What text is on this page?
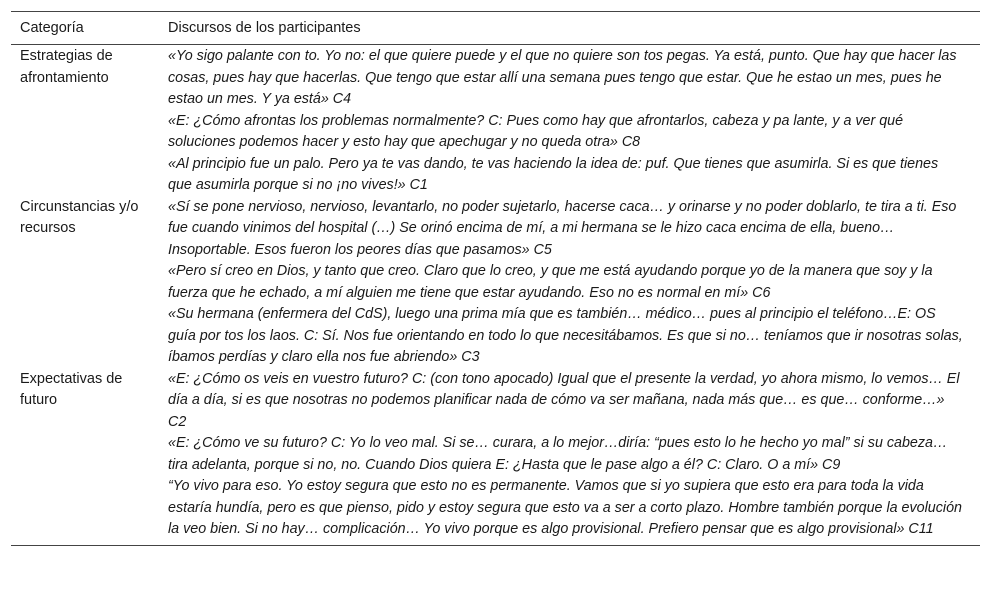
Categoría	Discursos de los participantes
Estrategias de afrontamiento
«Yo sigo palante con to. Yo no: el que quiere puede y el que no quiere son tos pegas. Ya está, punto. Que hay que hacer las cosas, pues hay que hacerlas. Que tengo que estar allí una semana pues tengo que estar. Que he estao un mes, pues he estao un mes. Y ya está» C4
«E: ¿Cómo afrontas los problemas normalmente? C: Pues como hay que afrontarlos, cabeza y pa lante, y a ver qué soluciones podemos hacer y esto hay que apechugar y no queda otra» C8
«Al principio fue un palo. Pero ya te vas dando, te vas haciendo la idea de: puf. Que tienes que asumirla. Si es que tienes que asumirla porque si no ¡no vives!» C1
Circunstancias y/o recursos
«Sí se pone nervioso, nervioso, levantarlo, no poder sujetarlo, hacerse caca… y orinarse y no poder doblarlo, te tira a ti. Eso fue cuando vinimos del hospital (…) Se orinó encima de mí, a mi hermana se le hizo caca encima de ella, bueno… Insoportable. Esos fueron los peores días que pasamos» C5
«Pero sí creo en Dios, y tanto que creo. Claro que lo creo, y que me está ayudando porque yo de la manera que soy y la fuerza que he echado, a mí alguien me tiene que estar ayudando. Eso no es normal en mí» C6
«Su hermana (enfermera del CdS), luego una prima mía que es también… médico… pues al principio el teléfono…E: OS guía por tos los laos. C: Sí. Nos fue orientando en todo lo que necesitábamos. Es que si no… teníamos que ir nosotras solas, íbamos perdías y claro ella nos fue abriendo» C3
Expectativas de futuro
«E: ¿Cómo os veis en vuestro futuro? C: (con tono apocado) Igual que el presente la verdad, yo ahora mismo, lo vemos… El día a día, si es que nosotras no podemos planificar nada de cómo va ser mañana, nada más que… es que… conforme…» C2
«E: ¿Cómo ve su futuro? C: Yo lo veo mal. Si se… curara, a lo mejor…diría: “pues esto lo he hecho yo mal” si su cabeza… tira adelanta, porque si no, no. Cuando Dios quiera E: ¿Hasta que le pase algo a él? C: Claro. O a mí» C9
“Yo vivo para eso. Yo estoy segura que esto no es permanente. Vamos que si yo supiera que esto era para toda la vida estaría hundía, pero es que pienso, pido y estoy segura que esto va a ser a corto plazo. Hombre también porque la evolución la veo bien. Si no hay… complicación… Yo vivo porque es algo provisional. Prefiero pensar que es algo provisional» C11
